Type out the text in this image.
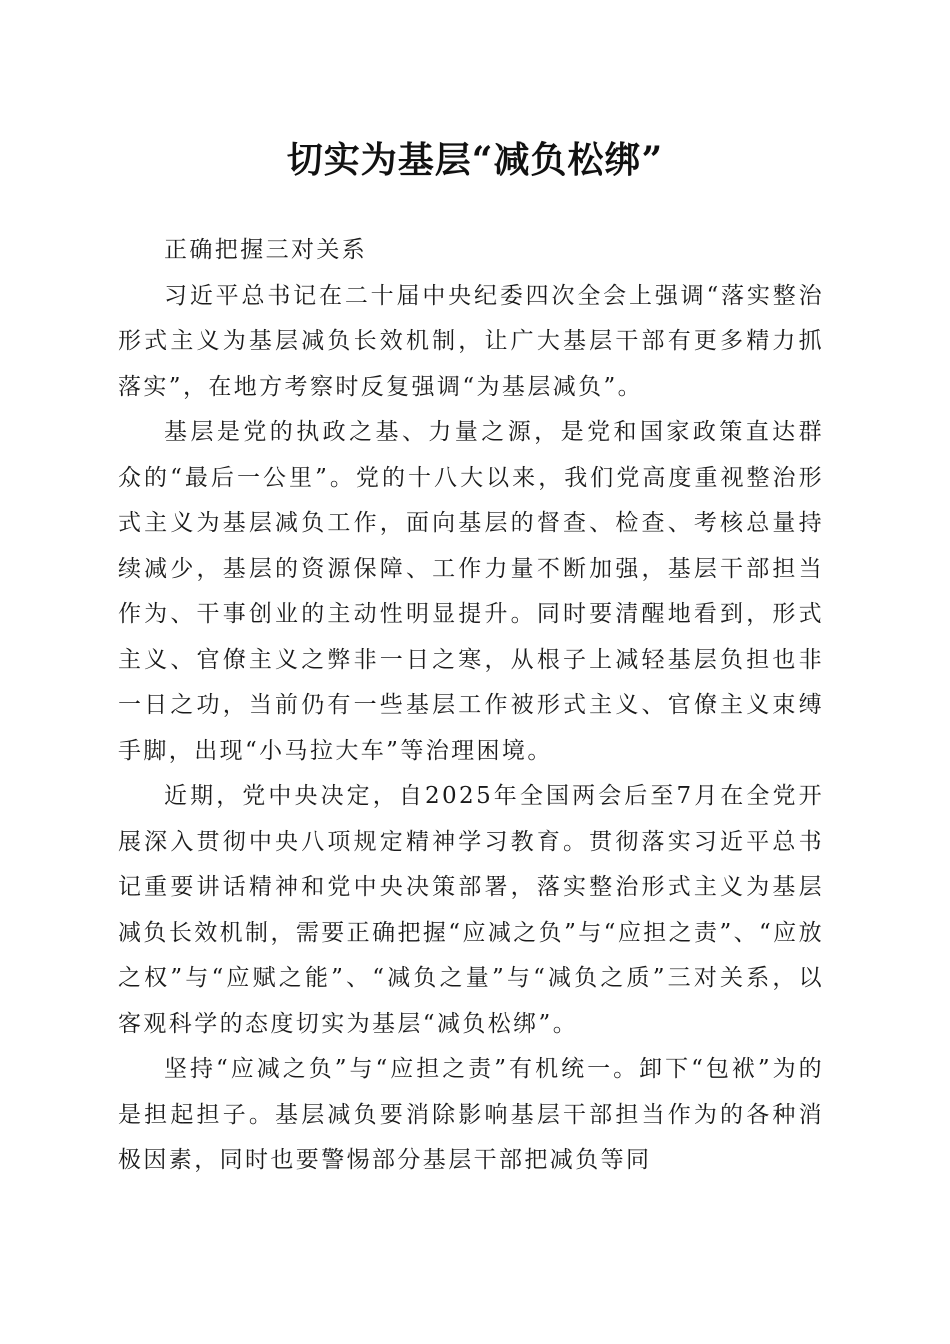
切实为基层“减负松绑”

正确把握三对关系

习近平总书记在二十届中央纪委四次全会上强调“落实整治形式主义为基层减负长效机制，让广大基层干部有更多精力抓落实”，在地方考察时反复强调“为基层减负”。

基层是党的执政之基、力量之源，是党和国家政策直达群众的“最后一公里”。党的十八大以来，我们党高度重视整治形式主义为基层减负工作，面向基层的督查、检查、考核总量持续减少，基层的资源保障、工作力量不断加强，基层干部担当作为、干事创业的主动性明显提升。同时要清醒地看到，形式主义、官僚主义之弊非一日之寒，从根子上减轻基层负担也非一日之功，当前仍有一些基层工作被形式主义、官僚主义束缚手脚，出现“小马拉大车”等治理困境。

近期，党中央决定，自2025年全国两会后至7月在全党开展深入贯彻中央八项规定精神学习教育。贯彻落实习近平总书记重要讲话精神和党中央决策部署，落实整治形式主义为基层减负长效机制，需要正确把握“应减之负”与“应担之责”、“应放之权”与“应赋之能”、“减负之量”与“减负之质”三对关系，以客观科学的态度切实为基层“减负松绑”。

坚持“应减之负”与“应担之责”有机统一。卸下“包袱”为的是担起担子。基层减负要消除影响基层干部担当作为的各种消极因素，同时也要警惕部分基层干部把减负等同
